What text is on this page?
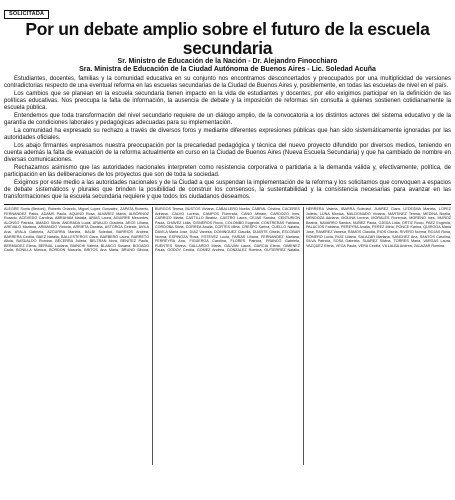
SOLICITADA
Por un debate amplio sobre el futuro de la escuela secundaria
Sr. Ministro de Educación de la Nación - Dr. Alejandro Finocchiaro
Sra. Ministra de Educación de la Ciudad Autónoma de Buenos Aires - Lic. Soledad Acuña

Estudiantes, docentes, familias y la comunidad educativa en su conjunto nos encontramos desconcertados y preocupados por una multiplicidad de versiones contradictorias respecto de una eventual reforma en las escuelas secundarias de la Ciudad de Buenos Aires y, posiblemente, en todas las escuelas de nivel en el país.

Los cambios que se planean en la escuela secundaria tienen impacto en la vida de estudiantes y docentes, por ello exigimos participar en la definición de las políticas educativas. Nos preocupa la falta de información, la ausencia de debate y la imposición de reformas sin consulta a quienes sostienen cotidianamente la escuela pública.

Entendemos que toda transformación del nivel secundario requiere de un diálogo amplio, de la convocatoria a los distintos actores del sistema educativo y de la garantía de condiciones laborales y pedagógicas adecuadas para su implementación.

La comunidad ha expresado su rechazo a través de diversos foros y mediante diferentes expresiones públicas que han sido sistemáticamente ignoradas por las autoridades oficiales.

Los abajo firmantes expresamos nuestra preocupación por la precariedad pedagógica y técnica del nuevo proyecto difundido por diversos medios, teniendo en cuenta además la falta de evaluación de la reforma actualmente en curso en la Ciudad de Buenos Aires (Nueva Escuela Secundaria) y que ha cambiado de nombre en diversas comunicaciones.

Rechazamos asimismo que las autoridades nacionales interpreten como resistencia corporativa o partidaria a la demanda válida y, efectivamente, política, de participación en las deliberaciones de los proyectos que son de toda la sociedad.

Exigimos por este medio a las autoridades nacionales y de la Ciudad a que suspendan la implementación de la reforma y los solicitamos que convoquen a espacios de debate sistemáticos y plurales que brinden la posibilidad de construir los consensos, la sustentabilidad y la consistencia necesarias para avanzar en las transformaciones que la escuela secundaria requiere y que todos los ciudadanos deseamos.

ALEGRE Sonia (Bertoni), Roberto Orlando, Miguel Lopez Gonzalez, ZAPATA Roberto, FERNANDEZ Pablo, ADAMS Paula, AQUINO Rosa, ALVAREZ Marta, ALBORNOZ Rosario, ACEVEDO Carolina, ABRAHAM Natalia, ARIAS Laura, AGUIRRE Mercedes, ALONSO Patricia, AMADO Silvia, ANDRADA Lucia, ARAUJO Graciela, ARCE Liliana, AREVALO Mariana, ARMANDO Victoria, ARRIETA Daniela, ASTORGA Celeste, AVILA Ana, AYALA Gabriela, AZCURRA Mariela, BALBI Soledad, BARRIOS Andrea, BARRERA Cecilia, BAEZ Natalia, BALLESTEROS Clara, BARBERO Laura, BARRETO Alicia, BASUALDO Romina, BECERRA Julieta, BELTRAN Nora, BENITEZ Paula, BERMUDEZ Elena, BERNAL Luciana, BIANCHI Valeria, BLANCO Susana, BOGADO Carla, BONILLA Monica, BORDON Marcela, BRITOS Ana Maria, BRUNO Silvina, BURGOS Teresa, BUSTOS Viviana, CABALLERO Noelia, CABRAL Cristina, CACERES Adriana, CALVO Lorena, CAMPOS Florencia, CANO Miriam, CARDOZO Ines, CARRIZO Marta, CASTILLO Beatriz, CASTRO Laura, CEJAS Sandra, CENTURION Paola, CHAVEZ Lidia, CISNEROS Rocio, COLOMBO Eugenia, CONTRERAS Fabiana, CORDOBA Silvia, CORREA Analia, CORTES Mirta, CRESPO Karina, CUELLO Natalia, DAVILA Maria Jose, DIAZ Vanesa, DOMINGUEZ Claudia, DUARTE Gisela, ESCOBAR Norma, ESPINOZA Rosa, ESTEVEZ Lucia, FARIAS Liliana, FERNANDEZ Mariana, FERREYRA Ana, FIGUEROA Carolina, FLORES Patricia, FRANCO Gabriela, FUENTES Silvina, GALLARDO Maria, GALVAN Laura, GARCIA Elena, GIMENEZ Paula, GODOY Cecilia, GOMEZ Andrea, GONZALEZ Romina, GUTIERREZ Natalia, HERRERA Valeria, IBARRA Soledad, JUAREZ Clara, LEDESMA Mariela, LOPEZ Julieta, LUNA Monica, MALDONADO Viviana, MARTINEZ Teresa, MEDINA Noelia, MENDOZA Adriana, MOLINA Lorena, MORALES Florencia, MORENO Ines, MUÑOZ Beatriz, NAVARRO Sandra, NUÑEZ Paola, OJEDA Lidia, ORTIZ Rocio, PAEZ Eugenia, PALACIOS Fabiana, PEREYRA Analia, PEREZ Mirta, PONCE Karina, QUIROGA Maria Jose, RAMIREZ Vanesa, RAMOS Claudia, RIOS Gisela, RIVERO Norma, ROJAS Rosa, ROMERO Lucia, RUIZ Liliana, SALAZAR Mariana, SANCHEZ Ana, SANTOS Carolina, SILVA Patricia, SOSA Gabriela, SUAREZ Silvina, TORRES Maria, VARGAS Laura, VAZQUEZ Elena, VEGA Paula, VERA Cecilia, VILLALBA Andrea, ZALAZAR Romina.
